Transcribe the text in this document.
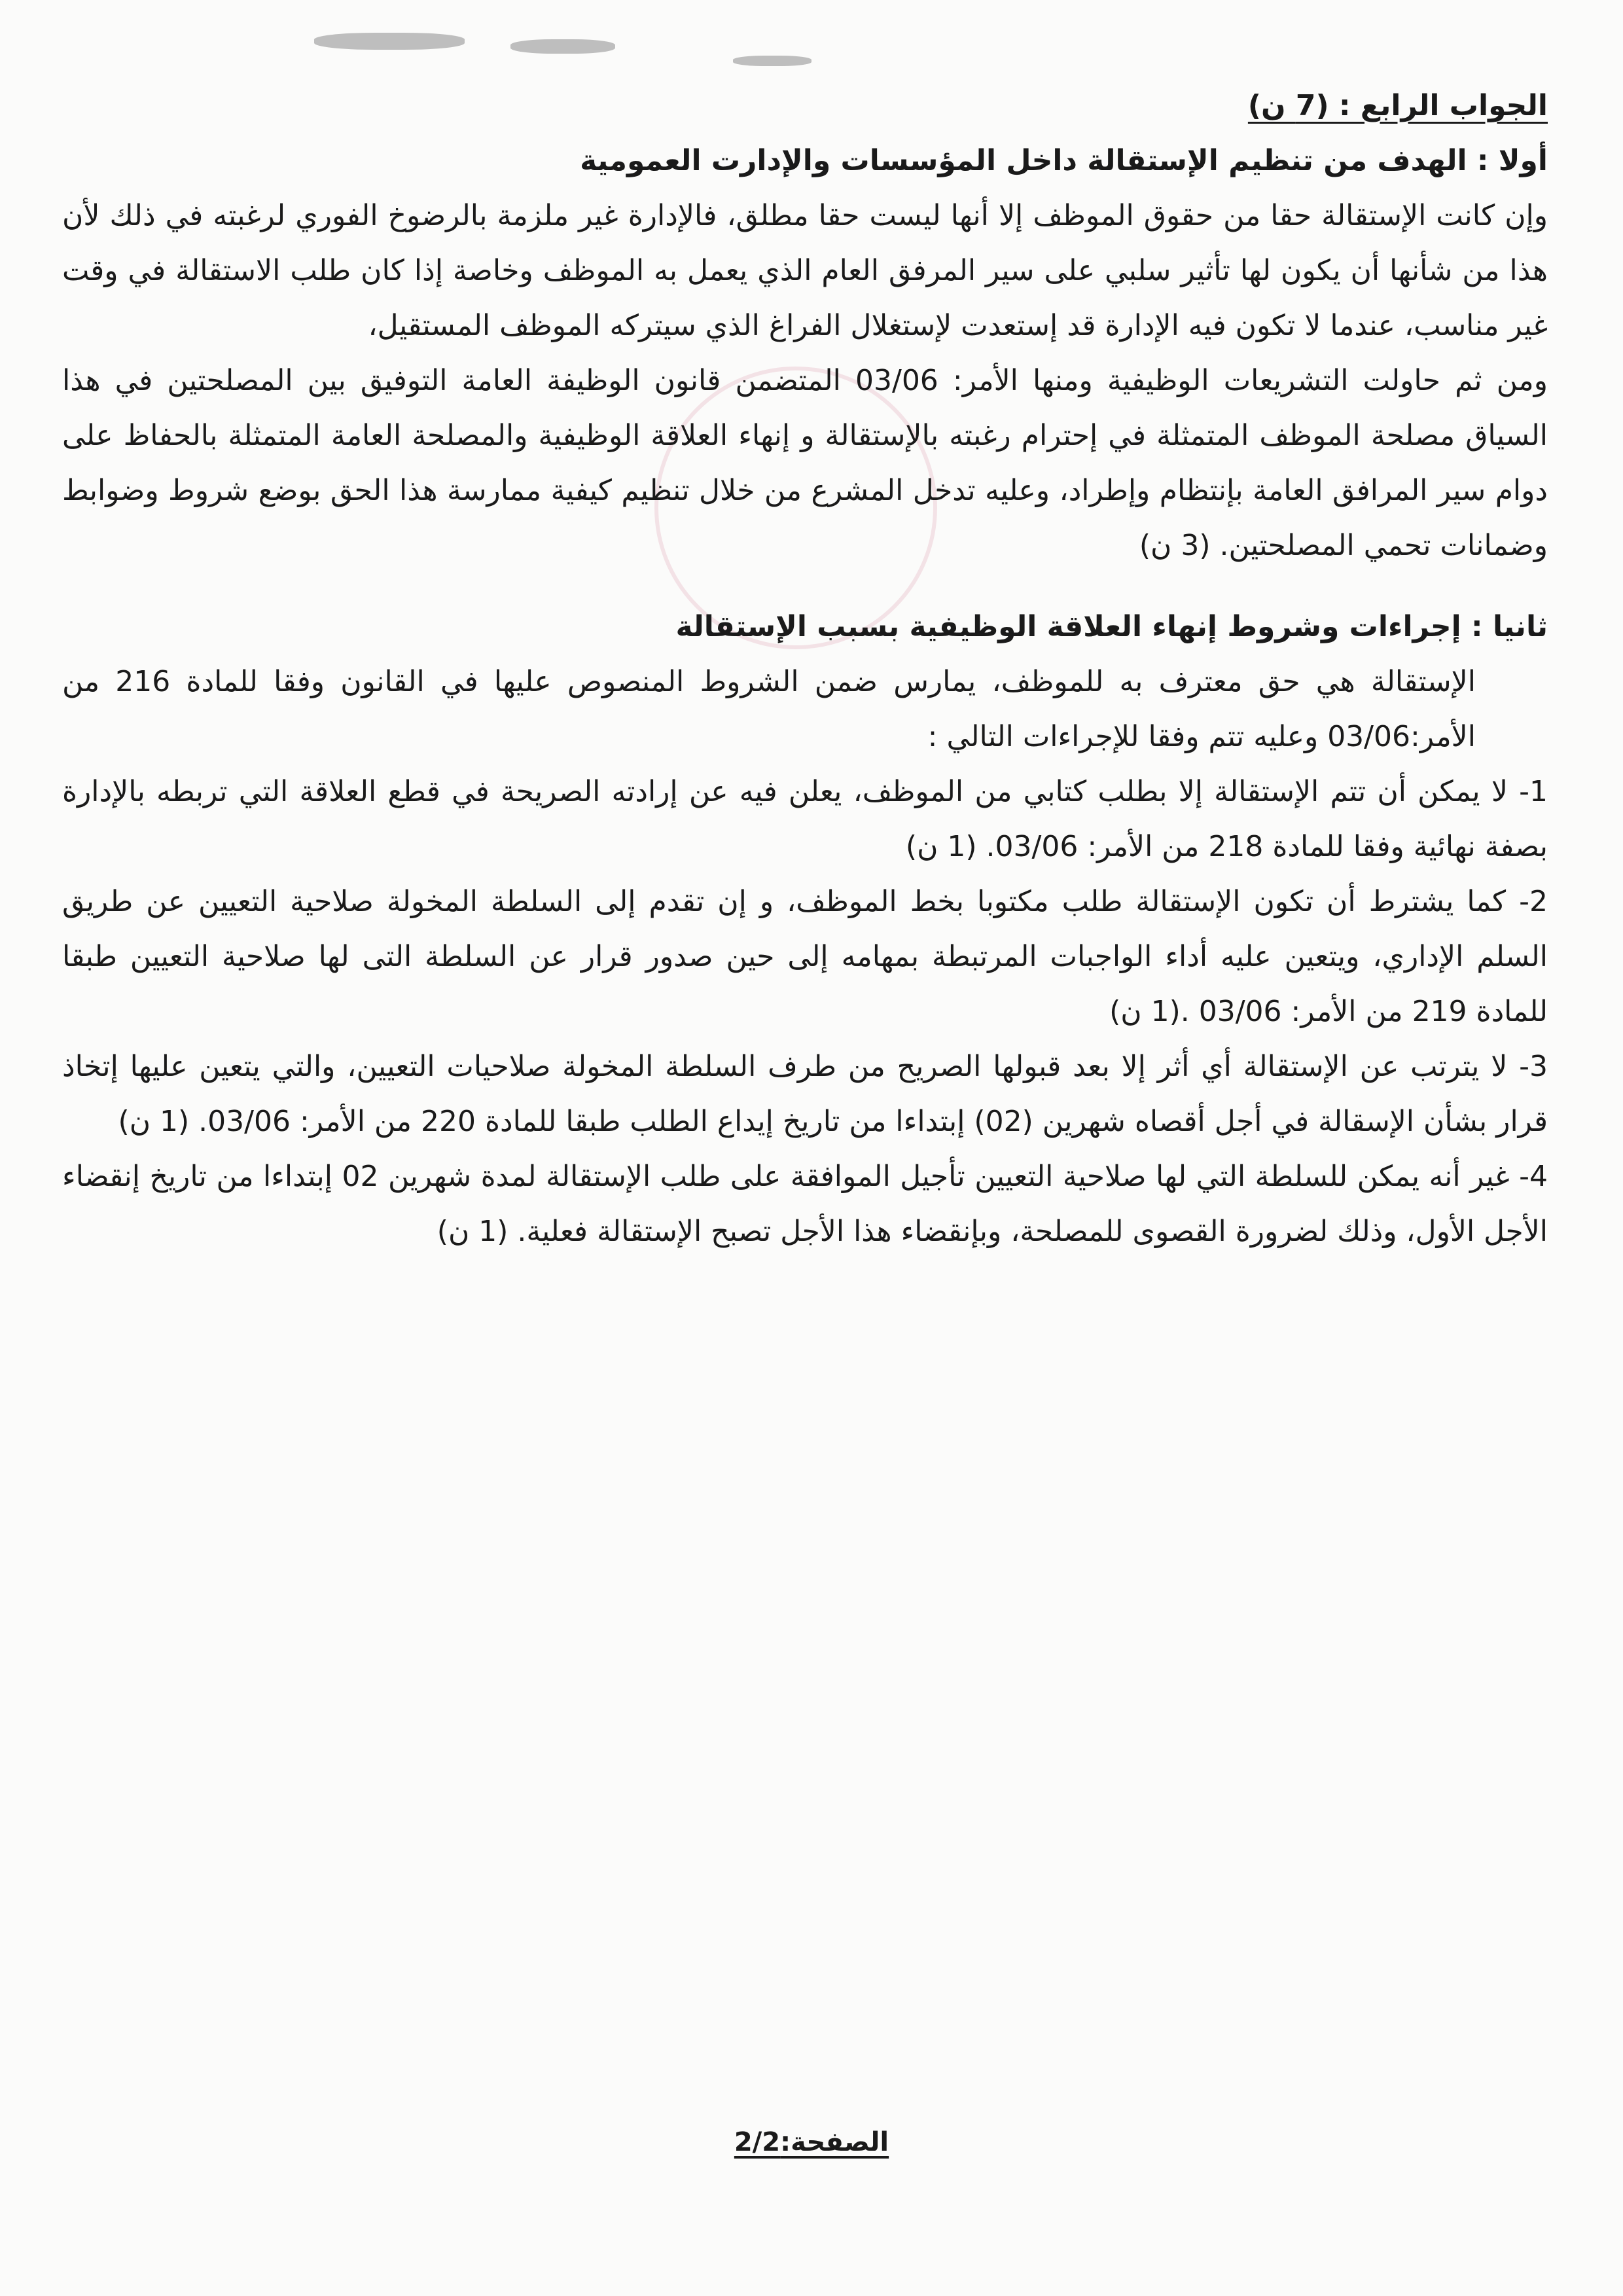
الجواب الرابع : (7 ن)

أولا : الهدف من تنظيم الإستقالة داخل المؤسسات والإدارت العمومية

وإن كانت الإستقالة حقا من حقوق الموظف إلا أنها ليست حقا مطلق، فالإدارة غير ملزمة بالرضوخ الفوري لرغبته في ذلك لأن هذا من شأنها أن يكون لها تأثير سلبي على سير المرفق العام الذي يعمل به الموظف وخاصة إذا كان طلب الاستقالة في وقت غير مناسب، عندما لا تكون فيه الإدارة قد إستعدت لإستغلال الفراغ الذي سيتركه الموظف المستقيل،

ومن ثم حاولت التشريعات الوظيفية ومنها الأمر: 03/06 المتضمن قانون الوظيفة العامة التوفيق بين المصلحتين في هذا السياق مصلحة الموظف المتمثلة في إحترام رغبته بالإستقالة و إنهاء العلاقة الوظيفية والمصلحة العامة المتمثلة بالحفاظ على دوام سير المرافق العامة بإنتظام وإطراد، وعليه تدخل المشرع من خلال تنظيم كيفية ممارسة هذا الحق بوضع شروط وضوابط وضمانات تحمي المصلحتين. (3 ن)

ثانيا : إجراءات وشروط إنهاء العلاقة الوظيفية بسبب الإستقالة

الإستقالة هي حق معترف به للموظف، يمارس ضمن الشروط المنصوص عليها في القانون وفقا للمادة 216 من الأمر:03/06 وعليه تتم وفقا للإجراءات التالي :

1- لا يمكن أن تتم الإستقالة إلا بطلب كتابي من الموظف، يعلن فيه عن إرادته الصريحة في قطع العلاقة التي تربطه بالإدارة بصفة نهائية وفقا للمادة 218 من الأمر: 03/06. (1 ن)

2- كما يشترط أن تكون الإستقالة طلب مكتوبا بخط الموظف، و إن تقدم إلى السلطة المخولة صلاحية التعيين عن طريق السلم الإداري، ويتعين عليه أداء الواجبات المرتبطة بمهامه إلى حين صدور قرار عن السلطة التى لها صلاحية التعيين طبقا للمادة 219 من الأمر: 03/06 .(1 ن)

3- لا يترتب عن الإستقالة أي أثر إلا بعد قبولها الصريح من طرف السلطة المخولة صلاحيات التعيين، والتي يتعين عليها إتخاذ قرار بشأن الإسقالة في أجل أقصاه شهرين (02) إبتداءا من تاريخ إيداع الطلب طبقا للمادة 220 من الأمر: 03/06. (1 ن)

4- غير أنه يمكن للسلطة التي لها صلاحية التعيين تأجيل الموافقة على طلب الإستقالة لمدة شهرين 02 إبتداءا من تاريخ إنقضاء الأجل الأول، وذلك لضرورة القصوى للمصلحة، وبإنقضاء هذا الأجل تصبح الإستقالة فعلية. (1 ن)

الصفحة:2/2
